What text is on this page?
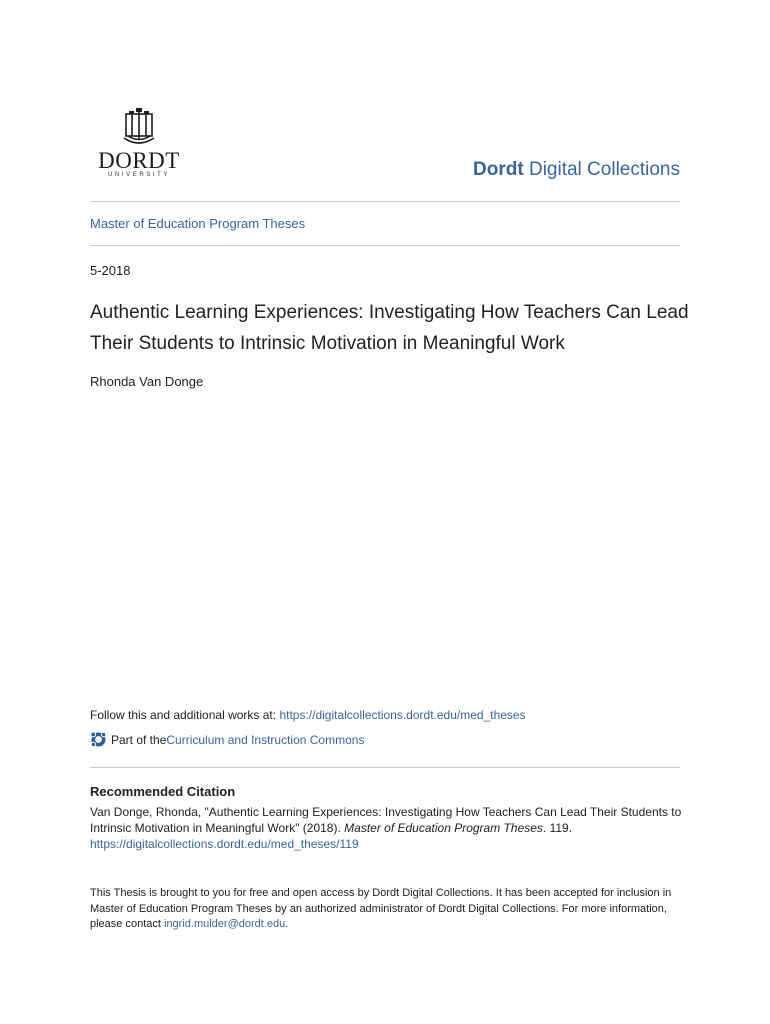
DORDT
UNIVERSITY	Dordt Digital Collections
Master of Education Program Theses
5-2018
Authentic Learning Experiences: Investigating How Teachers Can Lead Their Students to Intrinsic Motivation in Meaningful Work
Rhonda Van Donge
Follow this and additional works at: https://digitalcollections.dordt.edu/med_theses
Part of the Curriculum and Instruction Commons
Recommended Citation
Van Donge, Rhonda, "Authentic Learning Experiences: Investigating How Teachers Can Lead Their Students to Intrinsic Motivation in Meaningful Work" (2018). Master of Education Program Theses. 119.
https://digitalcollections.dordt.edu/med_theses/119
This Thesis is brought to you for free and open access by Dordt Digital Collections. It has been accepted for inclusion in Master of Education Program Theses by an authorized administrator of Dordt Digital Collections. For more information, please contact ingrid.mulder@dordt.edu.
